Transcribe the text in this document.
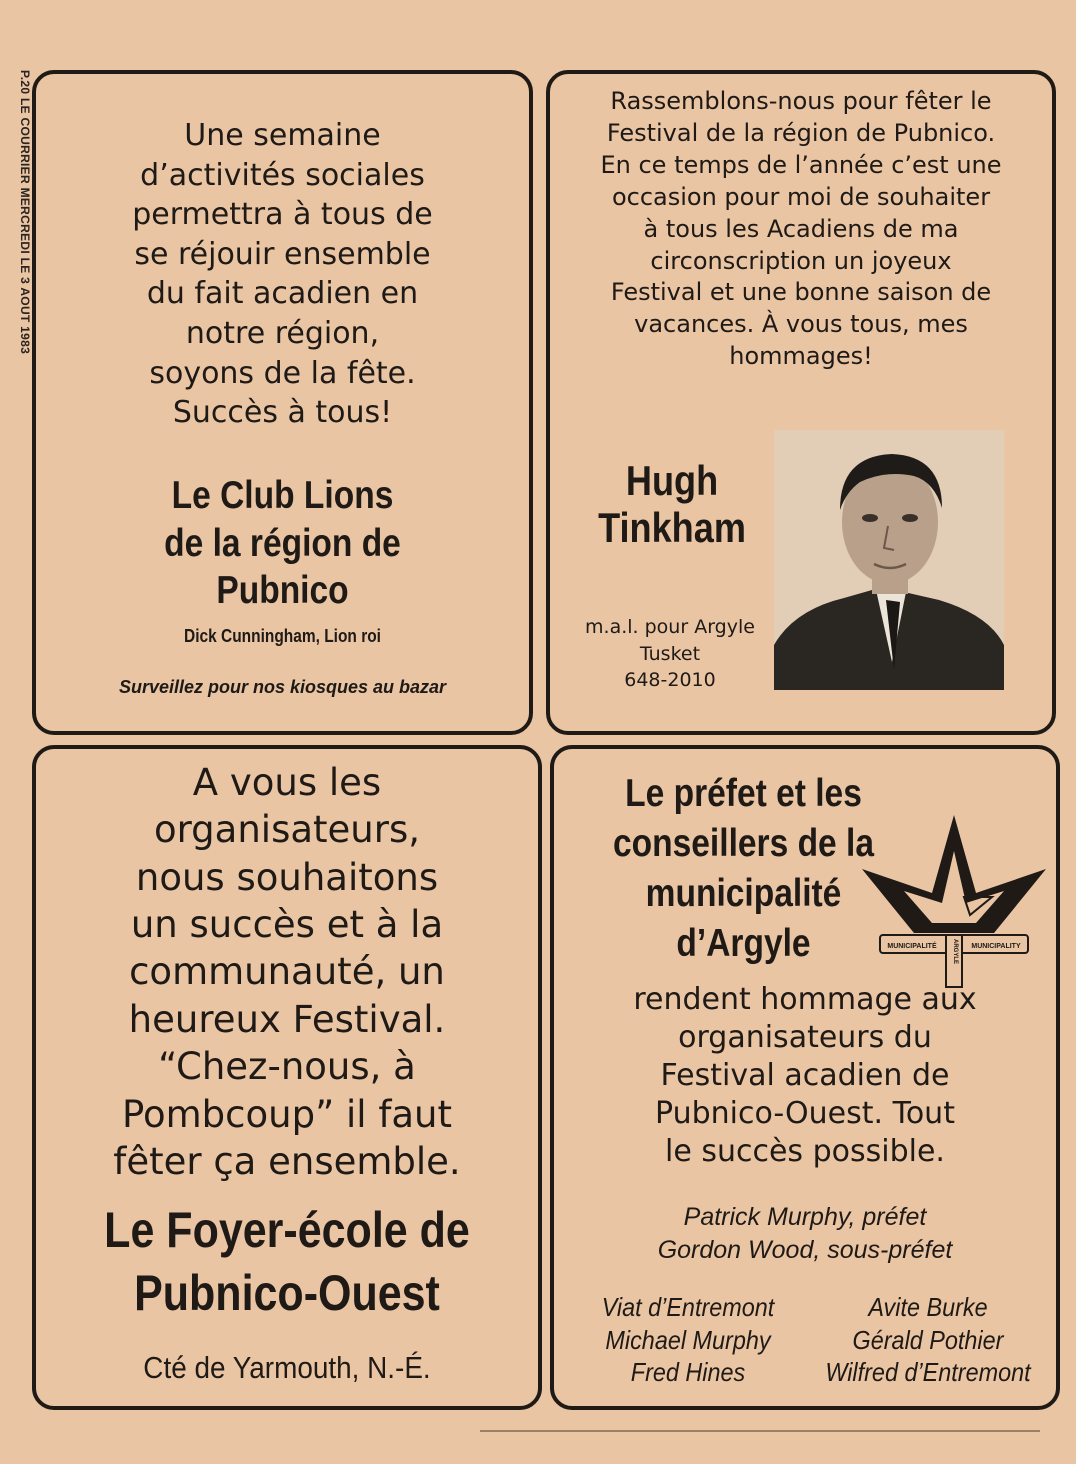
P.20 LE COURRIER MERCREDI LE 3 AOUT 1983	Une semaine
d’activités sociales
permettra à tous de
se réjouir ensemble
du fait acadien en
notre région,
soyons de la fête.
Succès à tous!
Le Club Lions
de la région de
Pubnico
Dick Cunningham, Lion roi
Surveillez pour nos kiosques au bazar
Rassemblons-nous pour fêter le
Festival de la région de Pubnico.
En ce temps de l’année c’est une
occasion pour moi de souhaiter
à tous les Acadiens de ma
circonscription un joyeux
Festival et une bonne saison de
vacances. À vous tous, mes
hommages!
Hugh
Tinkham
m.a.l. pour Argyle
Tusket
648-2010
A vous les
organisateurs,
nous souhaitons
un succès et à la
communauté, un
heureux Festival.
“Chez-nous, à
Pombcoup” il faut
fêter ça ensemble.
Le Foyer-école de
Pubnico-Ouest
Cté de Yarmouth, N.-É.
Le préfet et les
conseillers de la
municipalité
d’Argyle	MUNICIPALITÉ	MUNICIPALITY
ARGYLE
rendent hommage aux
organisateurs du
Festival acadien de
Pubnico-Ouest. Tout
le succès possible.
Patrick Murphy, préfet
Gordon Wood, sous-préfet
Viat d’Entremont	Avite Burke
Michael Murphy	Gérald Pothier
Fred Hines	Wilfred d’Entremont
